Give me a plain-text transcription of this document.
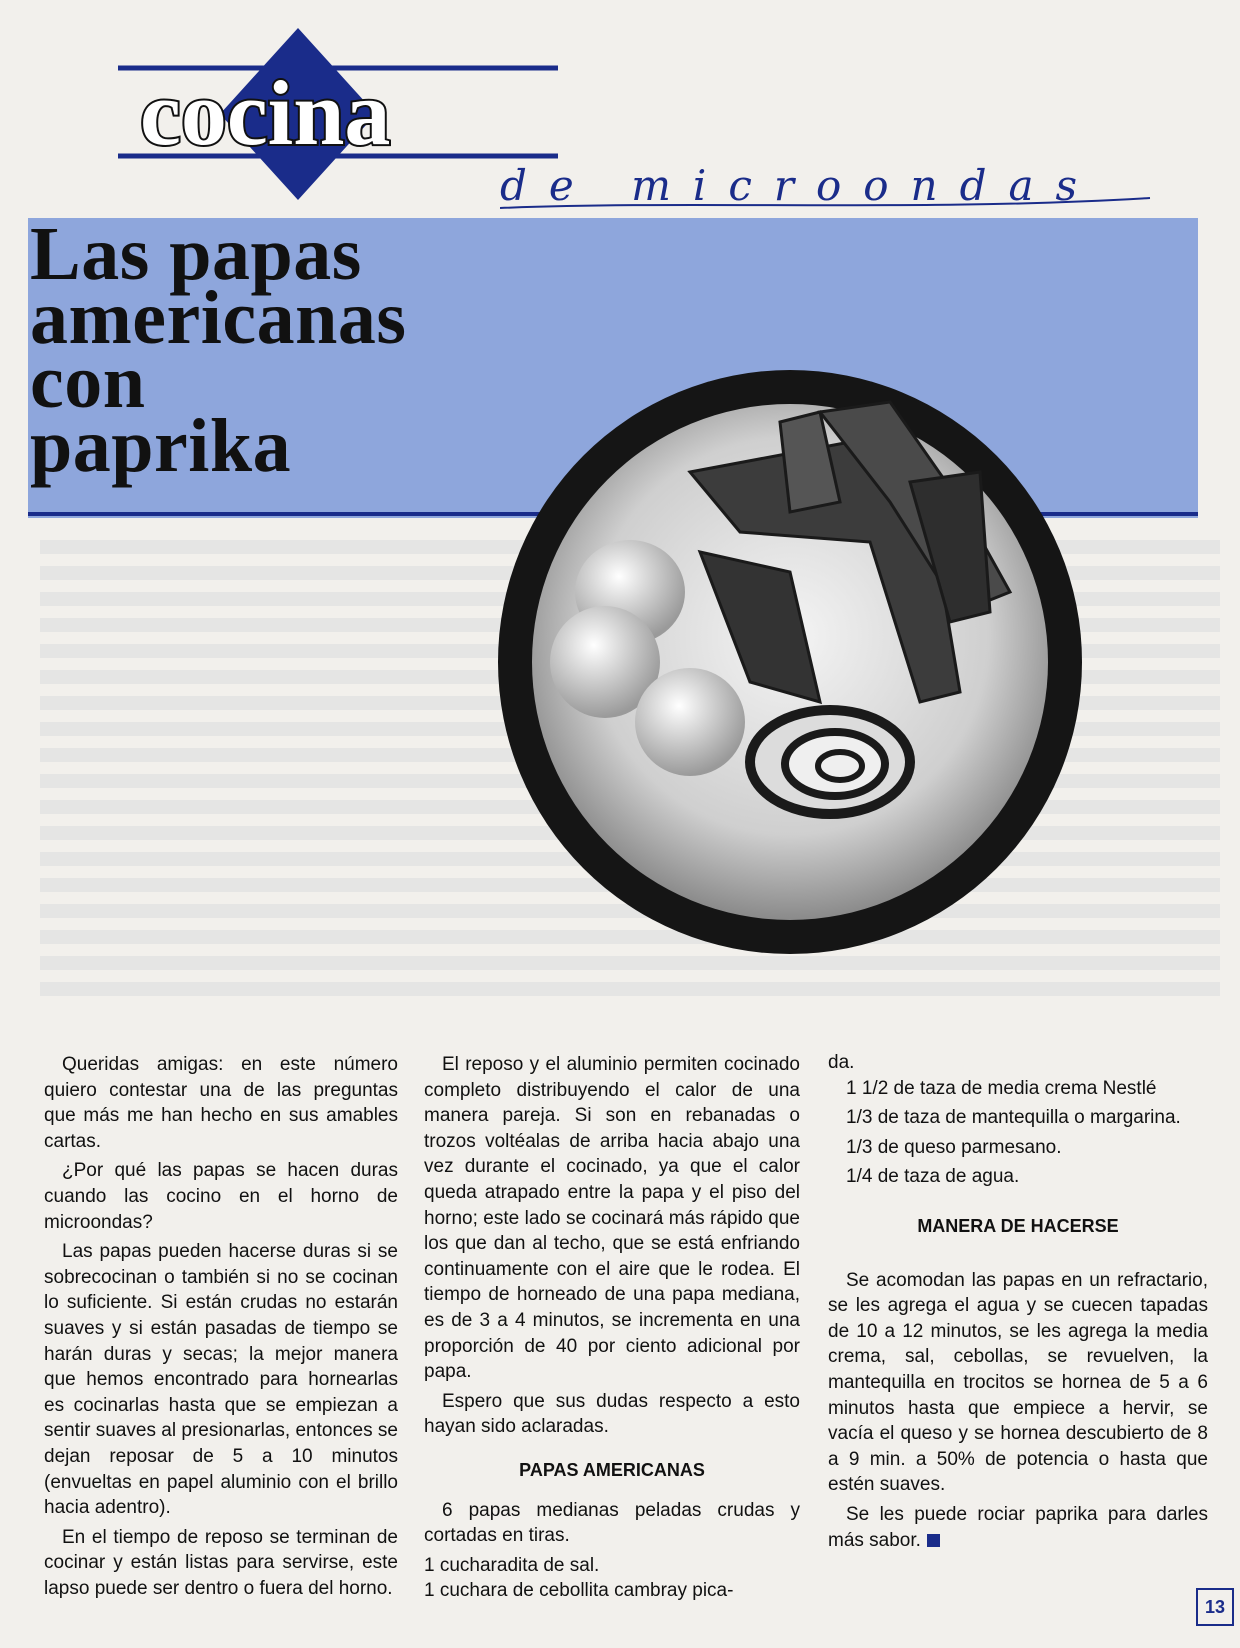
cocina
de microondas
Las papas
americanas
con
paprika

Queridas amigas: en este número quiero contestar una de las preguntas que más me han hecho en sus amables cartas.

¿Por qué las papas se hacen duras cuando las cocino en el horno de microondas?

Las papas pueden hacerse duras si se sobrecocinan o también si no se cocinan lo suficiente. Si están crudas no estarán suaves y si están pasadas de tiempo se harán duras y secas; la mejor manera que hemos encontrado para hornearlas es cocinarlas hasta que se empiezan a sentir suaves al presionarlas, entonces se dejan reposar de 5 a 10 minutos (envueltas en papel aluminio con el brillo hacia adentro).

En el tiempo de reposo se terminan de cocinar y están listas para servirse, este lapso puede ser dentro o fuera del horno.

El reposo y el aluminio permiten cocinado completo distribuyendo el calor de una manera pareja. Si son en rebanadas o trozos voltéalas de arriba hacia abajo una vez durante el cocinado, ya que el calor queda atrapado entre la papa y el piso del horno; este lado se cocinará más rápido que los que dan al techo, que se está enfriando continuamente con el aire que le rodea. El tiempo de horneado de una papa mediana, es de 3 a 4 minutos, se incrementa en una proporción de 40 por ciento adicional por papa.

Espero que sus dudas respecto a esto hayan sido aclaradas.

PAPAS AMERICANAS

6 papas medianas peladas crudas y cortadas en tiras.

1 cucharadita de sal.

1 cuchara de cebollita cambray pica-

da.

1 1/2 de taza de media crema Nestlé

1/3 de taza de mantequilla o margarina.

1/3 de queso parmesano.

1/4 de taza de agua.

MANERA DE HACERSE

Se acomodan las papas en un refractario, se les agrega el agua y se cuecen tapadas de 10 a 12 minutos, se les agrega la media crema, sal, cebollas, se revuelven, la mantequilla en trocitos se hornea de 5 a 6 minutos hasta que empiece a hervir, se vacía el queso y se hornea descubierto de 8 a 9 min. a 50% de potencia o hasta que estén suaves.

Se les puede rociar paprika para darles más sabor.

13
